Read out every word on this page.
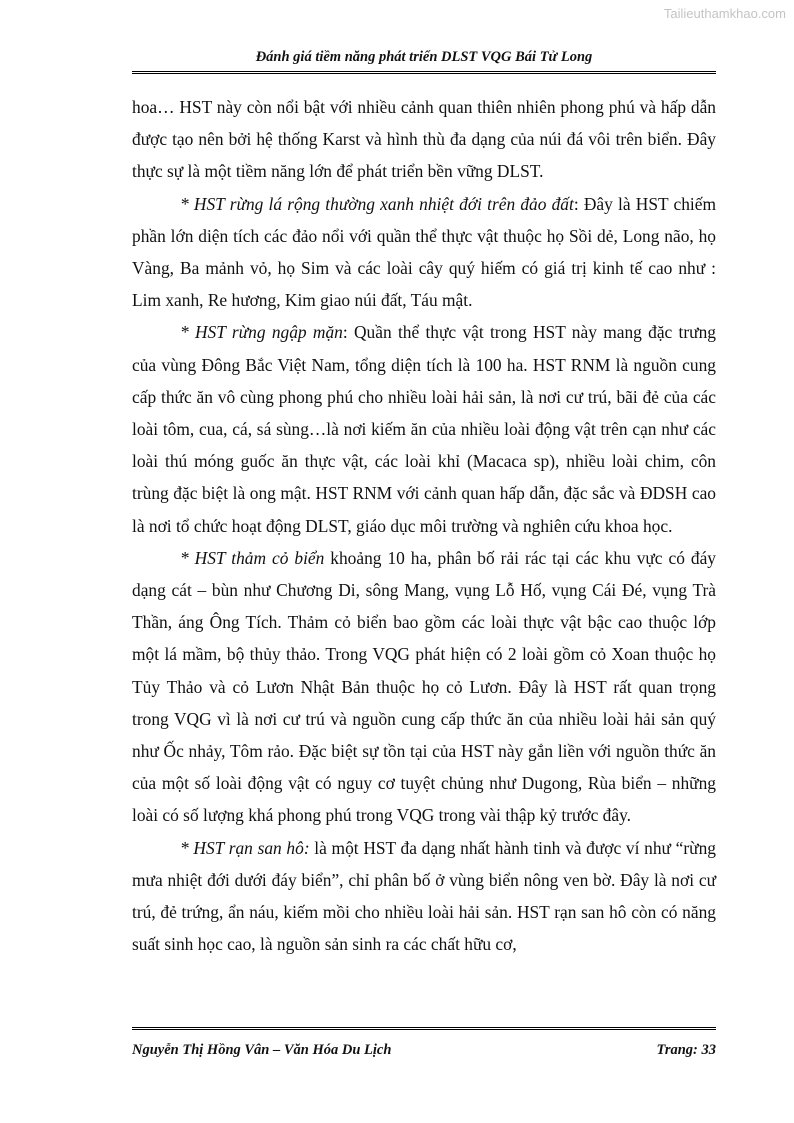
Tailieuthamkhao.com
Đánh giá tiềm năng phát triển DLST VQG Bái Tử Long

hoa… HST này còn nổi bật với nhiều cảnh quan thiên nhiên phong phú và hấp dẫn được tạo nên bởi hệ thống Karst và hình thù đa dạng của núi đá vôi trên biển. Đây thực sự là một tiềm năng lớn để phát triển bền vững DLST.

* HST rừng lá rộng thường xanh nhiệt đới trên đảo đất: Đây là HST chiếm phần lớn diện tích các đảo nổi với quần thể thực vật thuộc họ Sồi dẻ, Long não, họ Vàng, Ba mảnh vỏ, họ Sim và các loài cây quý hiếm có giá trị kinh tế cao như : Lim xanh, Re hương, Kim giao núi đất, Táu mật.

* HST rừng ngập mặn: Quần thể thực vật trong HST này mang đặc trưng của vùng Đông Bắc Việt Nam, tổng diện tích là 100 ha. HST RNM là nguồn cung cấp thức ăn vô cùng phong phú cho nhiều loài hải sản, là nơi cư trú, bãi đẻ của các loài tôm, cua, cá, sá sùng…là nơi kiếm ăn của nhiều loài động vật trên cạn như các loài thú móng guốc ăn thực vật, các loài khỉ (Macaca sp), nhiều loài chim, côn trùng đặc biệt là ong mật. HST RNM với cảnh quan hấp dẫn, đặc sắc và ĐDSH cao là nơi tổ chức hoạt động DLST, giáo dục môi trường và nghiên cứu khoa học.

* HST thảm cỏ biển khoảng 10 ha, phân bố rải rác tại các khu vực có đáy dạng cát – bùn như Chương Di, sông Mang, vụng Lỗ Hố, vụng Cái Đé, vụng Trà Thần, áng Ông Tích. Thảm cỏ biển bao gồm các loài thực vật bậc cao thuộc lớp một lá mầm, bộ thủy thảo. Trong VQG phát hiện có 2 loài gồm cỏ Xoan thuộc họ Tủy Thảo và cỏ Lươn Nhật Bản thuộc họ cỏ Lươn. Đây là HST rất quan trọng trong VQG vì là nơi cư trú và nguồn cung cấp thức ăn của nhiều loài hải sản quý như Ốc nhảy, Tôm rảo. Đặc biệt sự tồn tại của HST này gắn liền với nguồn thức ăn của một số loài động vật có nguy cơ tuyệt chủng như Dugong, Rùa biển – những loài có số lượng khá phong phú trong VQG trong vài thập kỷ trước đây.

* HST rạn san hô: là một HST đa dạng nhất hành tinh và được ví như “rừng mưa nhiệt đới dưới đáy biển”, chỉ phân bố ở vùng biển nông ven bờ. Đây là nơi cư trú, đẻ trứng, ẩn náu, kiếm mồi cho nhiều loài hải sản. HST rạn san hô còn có năng suất sinh học cao, là nguồn sản sinh ra các chất hữu cơ,

Nguyễn Thị Hồng Vân – Văn Hóa Du Lịch	Trang: 33
